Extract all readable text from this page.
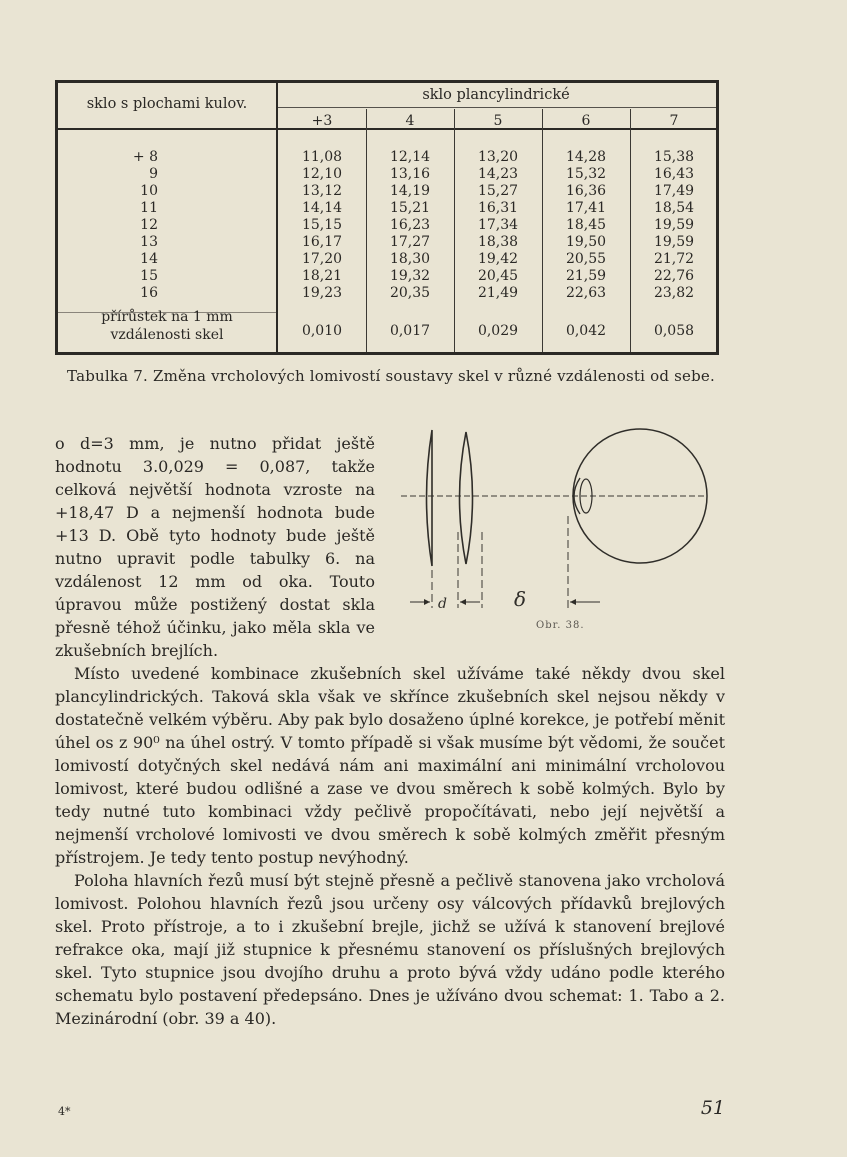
sklo s plochami kulov.
sklo plancylindrické
+3	4	5	6	7
+ 8	11,08	12,14	13,20	14,28	15,38
9	12,10	13,16	14,23	15,32	16,43
10	13,12	14,19	15,27	16,36	17,49
11	14,14	15,21	16,31	17,41	18,54
12	15,15	16,23	17,34	18,45	19,59
13	16,17	17,27	18,38	19,50	19,59
14	17,20	18,30	19,42	20,55	21,72
15	18,21	19,32	20,45	21,59	22,76
16	19,23	20,35	21,49	22,63	23,82
přírůstek na 1 mm
vzdálenosti skel	0,010	0,017	0,029	0,042	0,058
Tabulka 7. Změna vrcholových lomivostí soustavy skel v různé vzdálenosti od sebe.

o d=3 mm, je nutno přidat ještě hodnotu 3.0,029 = 0,087, takže celková největší hodnota vzroste na +18,47 D a nejmenší hodnota bude +13 D. Obě tyto hodnoty bude ještě nutno upravit podle tabulky 6. na vzdálenost 12 mm od oka. Touto úpravou může postižený dostat skla přesně téhož účinku, jako měla skla ve zkušebních brejlích.

d	δ
Obr. 38.

Místo uvedené kombinace zkušebních skel užíváme také někdy dvou skel plancylindrických. Taková skla však ve skřínce zkušebních skel nejsou někdy v dostatečně velkém výběru. Aby pak bylo dosaženo úplné korekce, je potřebí měnit úhel os z 90⁰ na úhel ostrý. V tomto případě si však musíme být vědomi, že součet lomivostí dotyčných skel nedává nám ani maximální ani minimální vrcholovou lomivost, které budou odlišné a zase ve dvou směrech k sobě kolmých. Bylo by tedy nutné tuto kombinaci vždy pečlivě propočítávati, nebo její největší a nejmenší vrcholové lomivosti ve dvou směrech k sobě kolmých změřit přesným přístrojem. Je tedy tento postup nevýhodný.

Poloha hlavních řezů musí být stejně přesně a pečlivě stanovena jako vrcholová lomivost. Polohou hlavních řezů jsou určeny osy válcových přídavků brejlových skel. Proto přístroje, a to i zkušební brejle, jichž se užívá k stanovení brejlové refrakce oka, mají již stupnice k přesnému stanovení os příslušných brejlových skel. Tyto stupnice jsou dvojího druhu a proto bývá vždy udáno podle kterého schematu bylo postavení předepsáno. Dnes je užíváno dvou schemat: 1. Tabo a 2. Mezinárodní (obr. 39 a 40).

4*	51
